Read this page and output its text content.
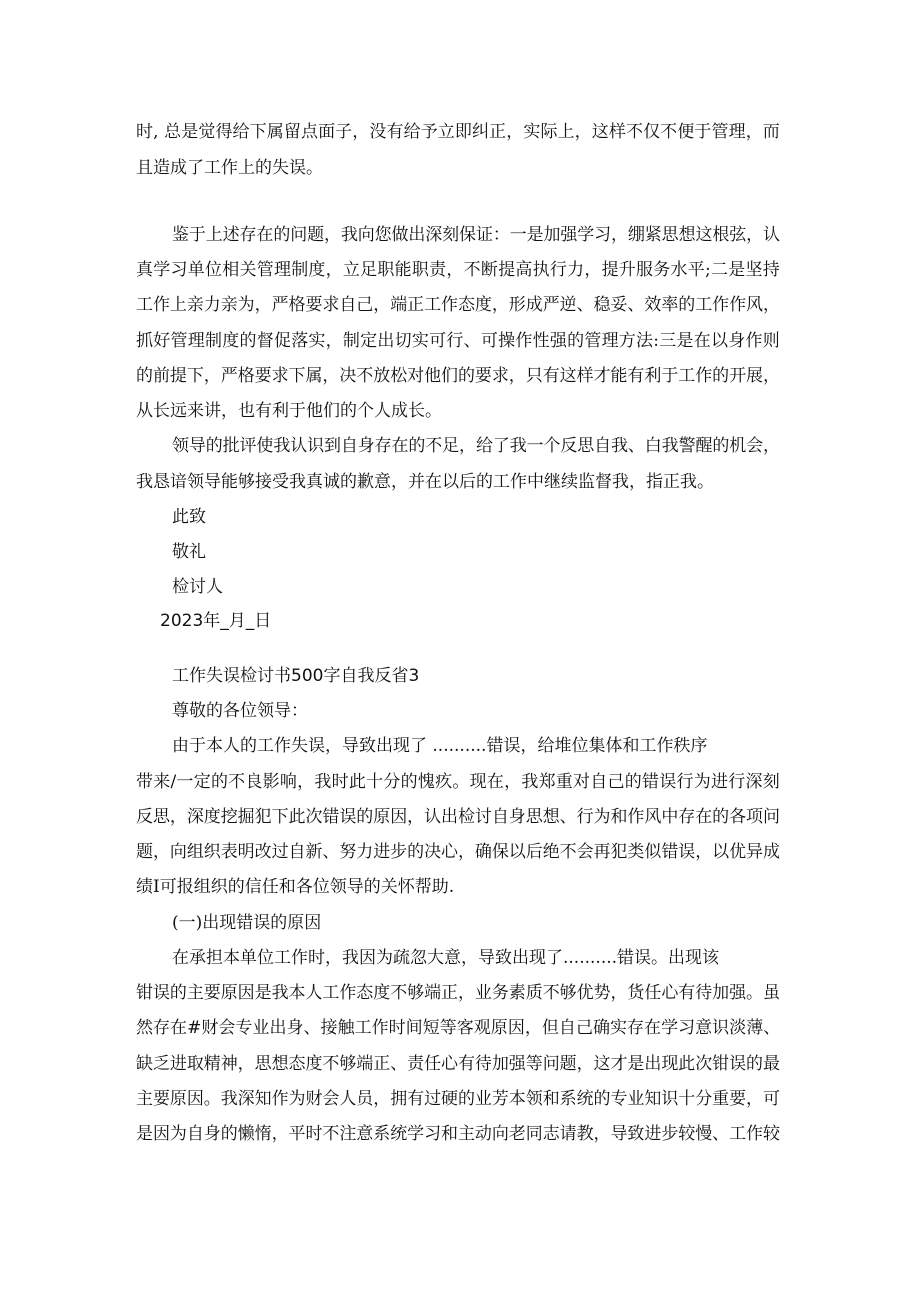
时, 总是觉得给下属留点面子，没有给予立即纠正，实际上，这样不仅不便于管理，而
且造成了工作上的失误。
鉴于上述存在的问题，我向您做出深刻保证：一是加强学习，绷紧思想这根弦，认
真学习单位相关管理制度，立足职能职责，不断提高执行力，提升服务水平;二是坚持
工作上亲力亲为，严格要求自己，端正工作态度，形成严逆、稳妥、效率的工作作风，
抓好管理制度的督促落实，制定出切实可行、可操作性强的管理方法:三是在以身作则
的前提下，严格要求下属，决不放松对他们的要求，只有这样才能有利于工作的开展，
从长远来讲，也有利于他们的个人成长。
领导的批评使我认识到自身存在的不足，给了我一个反思自我、白我警醒的机会，
我恳谙领导能够接受我真诚的歉意，并在以后的工作中继续监督我，指正我。
此致
敬礼
检讨人
2023年_月_日
工作失误检讨书500字自我反省3
尊敬的各位领导：
由于本人的工作失误，导致出现了 ..........错误，给堆位集体和工作秩序
带来/一定的不良影响，我时此十分的愧疚。现在，我郑重对自己的错误行为进行深刻
反思，深度挖掘犯下此次错误的原因，认出检讨自身思想、行为和作风中存在的各项问
题，向组织表明改过自新、努力进步的决心，确保以后绝不会再犯类似错误，以优异成
绩I可报组织的信任和各位领导的关怀帮助.
(一)出现错误的原因
在承担本单位工作时，我因为疏忽大意，导致出现了..........错误。出现该
钳误的主要原因是我本人工作态度不够端正，业务素质不够优势，货任心有待加强。虽
然存在#财会专业出身、接触工作时间短等客观原因，但自己确实存在学习意识淡薄、
缺乏进取精神，思想态度不够端正、责任心有待加强等问题，这才是出现此次钳误的最
主要原因。我深知作为财会人员，拥有过硬的业芳本领和系统的专业知识十分重要，可
是因为自身的懒惰，平时不注意系统学习和主动向老同志请教，导致进步较慢、工作较
